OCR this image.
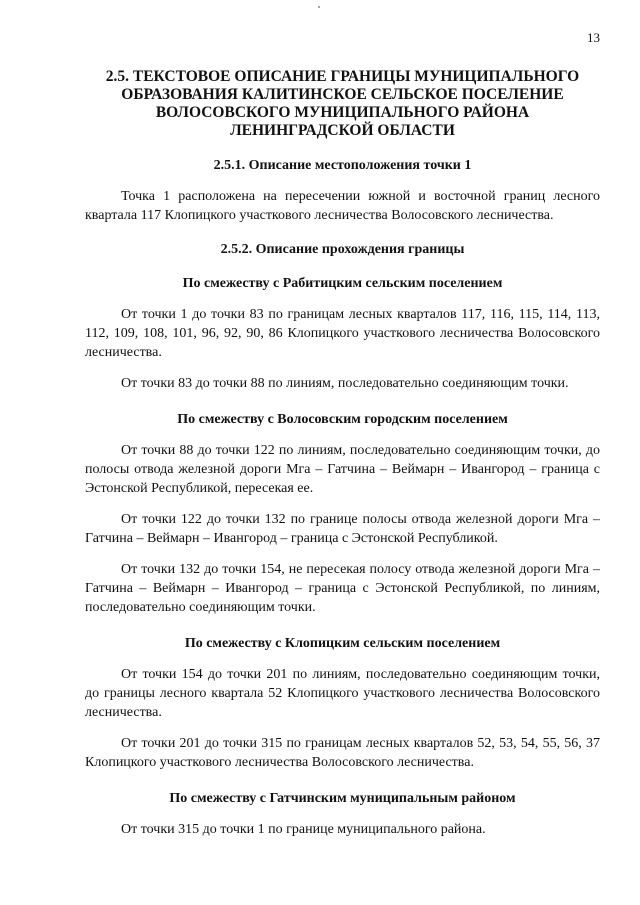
13
2.5. ТЕКСТОВОЕ ОПИСАНИЕ ГРАНИЦЫ МУНИЦИПАЛЬНОГО
ОБРАЗОВАНИЯ КАЛИТИНСКОЕ СЕЛЬСКОЕ ПОСЕЛЕНИЕ
ВОЛОСОВСКОГО МУНИЦИПАЛЬНОГО РАЙОНА
ЛЕНИНГРАДСКОЙ ОБЛАСТИ
2.5.1. Описание местоположения точки 1

Точка 1 расположена на пересечении южной и восточной границ лесного квартала 117 Клопицкого участкового лесничества Волосовского лесничества.

2.5.2. Описание прохождения границы
По смежеству с Рабитицким сельским поселением

От точки 1 до точки 83 по границам лесных кварталов 117, 116, 115, 114, 113, 112, 109, 108, 101, 96, 92, 90, 86 Клопицкого участкового лесничества Волосовского лесничества.

От точки 83 до точки 88 по линиям, последовательно соединяющим точки.

По смежеству с Волосовским городским поселением

От точки 88 до точки 122 по линиям, последовательно соединяющим точки, до полосы отвода железной дороги Мга – Гатчина – Веймарн – Ивангород – граница с Эстонской Республикой, пересекая ее.

От точки 122 до точки 132 по границе полосы отвода железной дороги Мга – Гатчина – Веймарн – Ивангород – граница с Эстонской Республикой.

От точки 132 до точки 154, не пересекая полосу отвода железной дороги Мга – Гатчина – Веймарн – Ивангород – граница с Эстонской Республикой, по линиям, последовательно соединяющим точки.

По смежеству с Клопицким сельским поселением

От точки 154 до точки 201 по линиям, последовательно соединяющим точки, до границы лесного квартала 52 Клопицкого участкового лесничества Волосовского лесничества.

От точки 201 до точки 315 по границам лесных кварталов 52, 53, 54, 55, 56, 37 Клопицкого участкового лесничества Волосовского лесничества.

По смежеству с Гатчинским муниципальным районом

От точки 315 до точки 1 по границе муниципального района.
